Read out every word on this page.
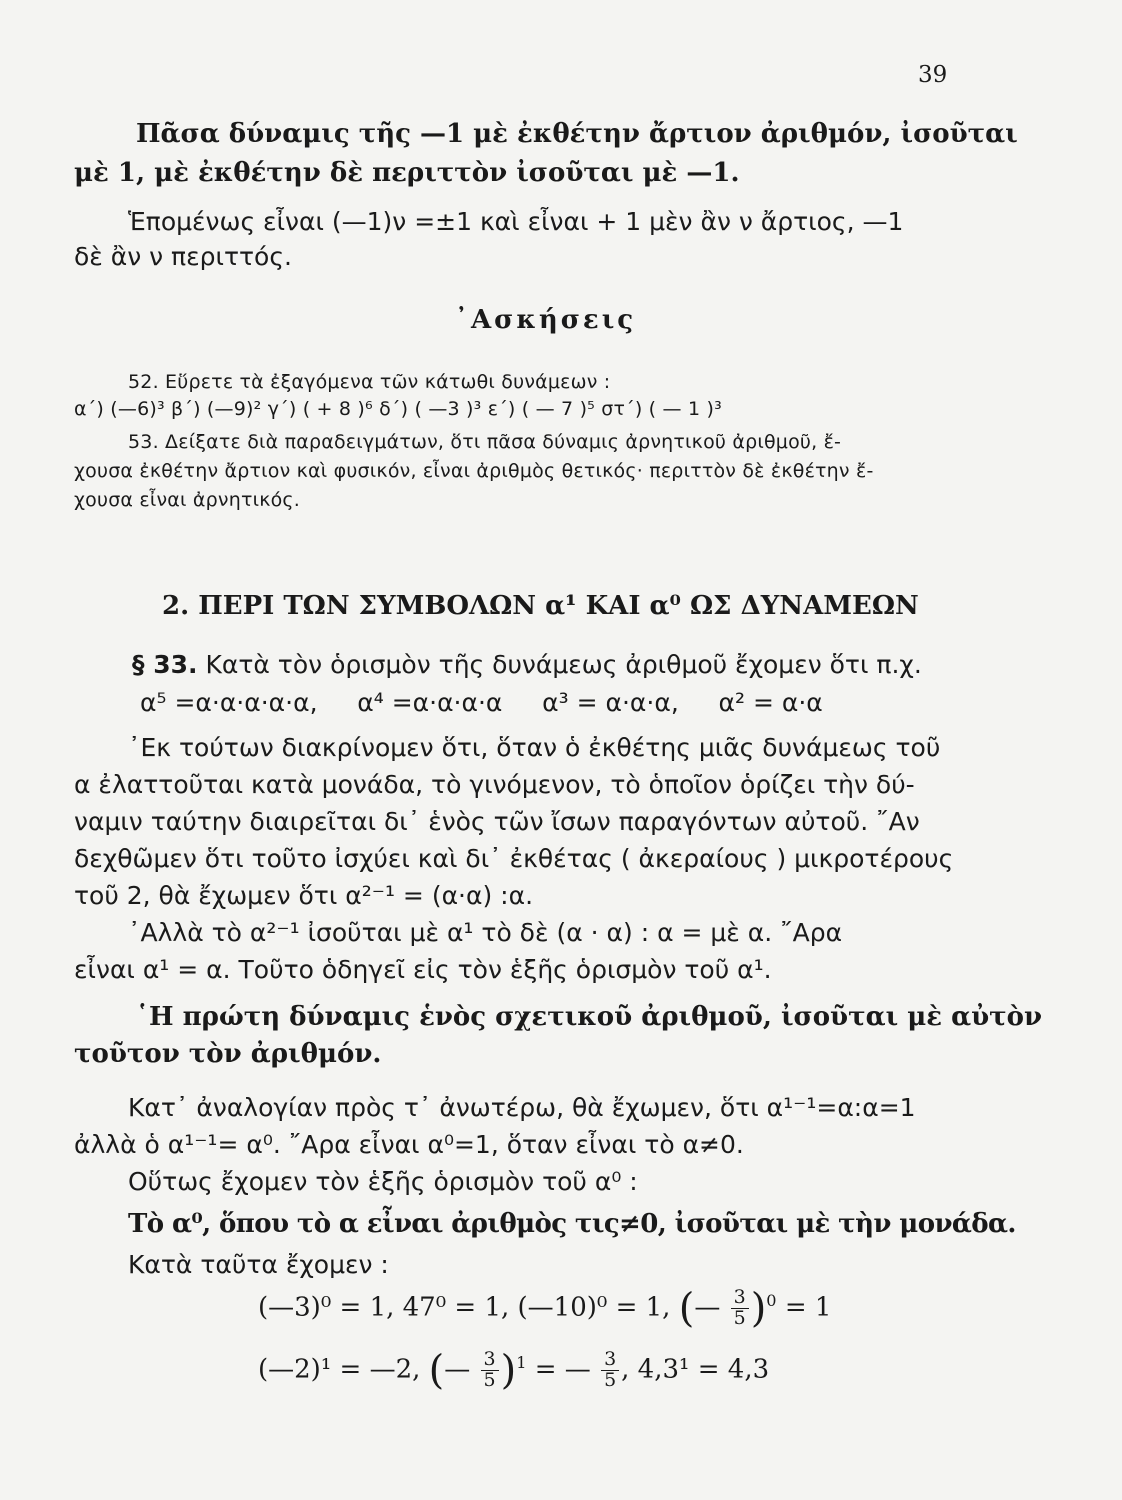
39

Πᾶσα δύναμις τῆς —1 μὲ ἐκθέτην ἄρτιον ἀριθμόν, ἰσοῦται

μὲ 1, μὲ ἐκθέτην δὲ περιττὸν ἰσοῦται μὲ —1.

Ἑπομένως εἶναι (—1)ν =±1 καὶ εἶναι + 1 μὲν ἂν ν ἄρτιος, —1

δὲ ἂν ν περιττός.

᾿Ασκήσεις

52. Εὕρετε τὰ ἐξαγόμενα τῶν κάτωθι δυνάμεων :

α΄) (—6)³ β΄) (—9)² γ΄) ( + 8 )⁶ δ΄) ( —3 )³ ε΄) ( — 7 )⁵ στ΄) ( — 1 )³

53. Δείξατε διὰ παραδειγμάτων, ὅτι πᾶσα δύναμις ἀρνητικοῦ ἀριθμοῦ, ἔ-

χουσα ἐκθέτην ἄρτιον καὶ φυσικόν, εἶναι ἀριθμὸς θετικός· περιττὸν δὲ ἐκθέτην ἔ-

χουσα εἶναι ἀρνητικός.

2. ΠΕΡΙ ΤΩΝ ΣΥΜΒΟΛΩΝ α¹ ΚΑΙ α⁰ ΩΣ ΔΥΝΑΜΕΩΝ

§ 33. Κατὰ τὸν ὁρισμὸν τῆς δυνάμεως ἀριθμοῦ ἔχομεν ὅτι π.χ.

α⁵ =α·α·α·α·α,     α⁴ =α·α·α·α     α³ = α·α·α,     α² = α·α

᾿Εκ τούτων διακρίνομεν ὅτι, ὅταν ὁ ἐκθέτης μιᾶς δυνάμεως τοῦ

α ἐλαττοῦται κατὰ μονάδα, τὸ γινόμενον, τὸ ὁποῖον ὁρίζει τὴν δύ-

ναμιν ταύτην διαιρεῖται δι᾿ ἑνὸς τῶν ἴσων παραγόντων αὐτοῦ. ῎Αν

δεχθῶμεν ὅτι τοῦτο ἰσχύει καὶ δι᾿ ἐκθέτας ( ἀκεραίους ) μικροτέρους

τοῦ 2, θὰ ἔχωμεν ὅτι α²⁻¹ = (α·α) :α.

᾿Αλλὰ τὸ α²⁻¹ ἰσοῦται μὲ α¹ τὸ δὲ (α · α) : α = μὲ α. ῎Αρα

εἶναι α¹ = α. Τοῦτο ὁδηγεῖ εἰς τὸν ἑξῆς ὁρισμὸν τοῦ α¹.

῾Η πρώτη δύναμις ἑνὸς σχετικοῦ ἀριθμοῦ, ἰσοῦται μὲ αὐτὸν

τοῦτον τὸν ἀριθμόν.

Κατ᾿ ἀναλογίαν πρὸς τ᾿ ἀνωτέρω, θὰ ἔχωμεν, ὅτι α¹⁻¹=α:α=1

ἀλλὰ ὁ α¹⁻¹= α⁰. ῎Αρα εἶναι α⁰=1, ὅταν εἶναι τὸ α≠0.

Οὕτως ἔχομεν τὸν ἑξῆς ὁρισμὸν τοῦ α⁰ :

Τὸ α⁰, ὅπου τὸ α εἶναι ἀριθμὸς τις≠0, ἰσοῦται μὲ τὴν μονάδα.

Κατὰ ταῦτα ἔχομεν :

(—3)⁰ = 1, 47⁰ = 1, (—10)⁰ = 1, (— $\frac{3}{5} )^0 = 1$
(—2)¹ = —2, (— $\frac{3}{5} )^1$ = — $\frac{3}{5}$ , 4,3¹ = 4,3
